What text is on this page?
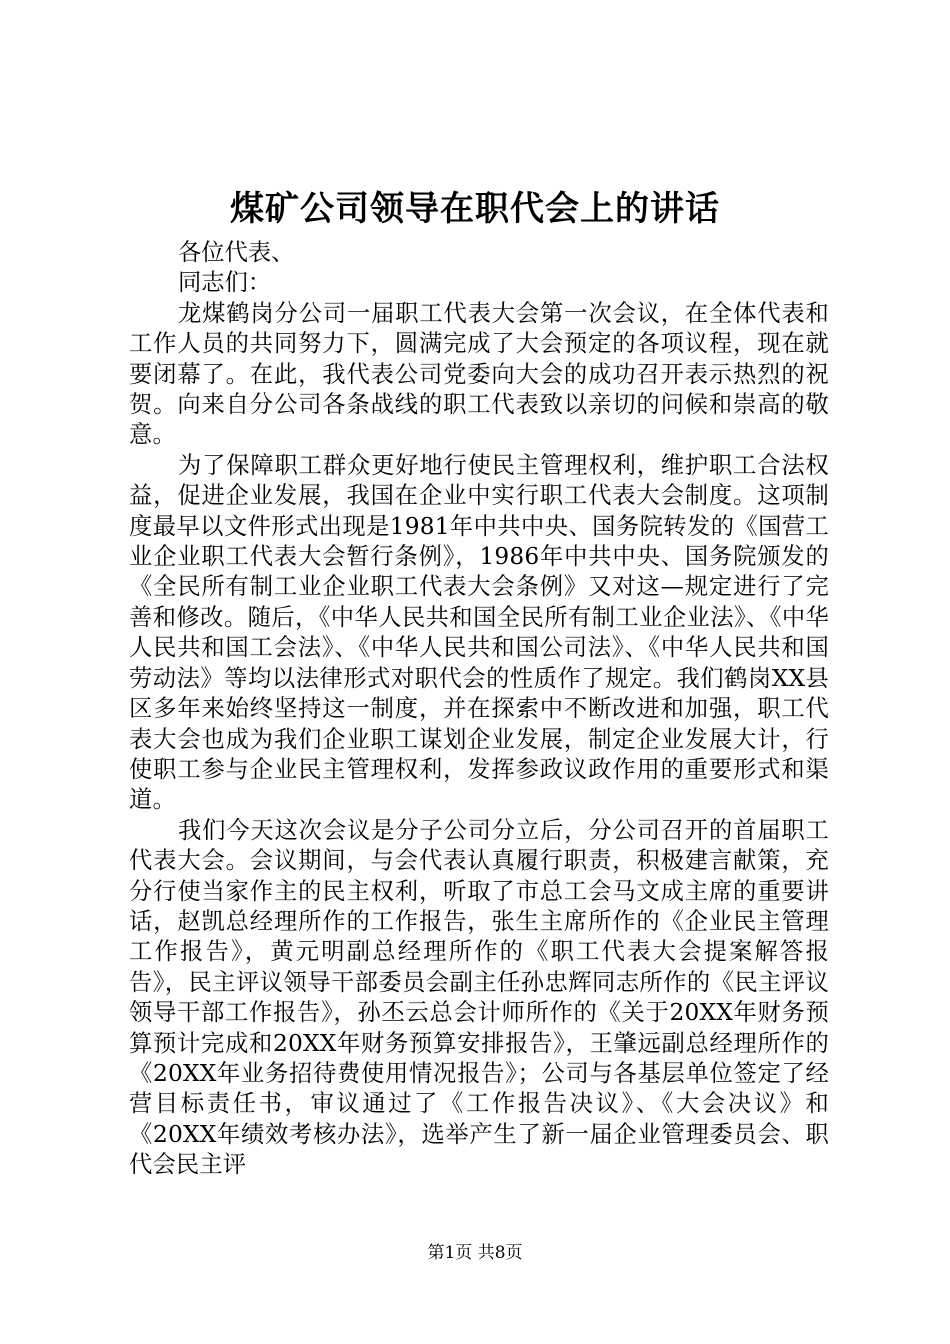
煤矿公司领导在职代会上的讲话

各位代表、

同志们：

龙煤鹤岗分公司一届职工代表大会第一次会议，在全体代表和工作人员的共同努力下，圆满完成了大会预定的各项议程，现在就要闭幕了。在此，我代表公司党委向大会的成功召开表示热烈的祝贺。向来自分公司各条战线的职工代表致以亲切的问候和崇高的敬意。

为了保障职工群众更好地行使民主管理权利，维护职工合法权益，促进企业发展，我国在企业中实行职工代表大会制度。这项制度最早以文件形式出现是1981年中共中央、国务院转发的《国营工业企业职工代表大会暂行条例》，1986年中共中央、国务院颁发的《全民所有制工业企业职工代表大会条例》又对这—规定进行了完善和修改。随后，《中华人民共和国全民所有制工业企业法》、《中华人民共和国工会法》、《中华人民共和国公司法》、《中华人民共和国劳动法》等均以法律形式对职代会的性质作了规定。我们鹤岗XX县区多年来始终坚持这一制度，并在探索中不断改进和加强，职工代表大会也成为我们企业职工谋划企业发展，制定企业发展大计，行使职工参与企业民主管理权利，发挥参政议政作用的重要形式和渠道。

我们今天这次会议是分子公司分立后，分公司召开的首届职工代表大会。会议期间，与会代表认真履行职责，积极建言献策，充分行使当家作主的民主权利，听取了市总工会马文成主席的重要讲话，赵凯总经理所作的工作报告，张生主席所作的《企业民主管理工作报告》，黄元明副总经理所作的《职工代表大会提案解答报告》，民主评议领导干部委员会副主任孙忠辉同志所作的《民主评议领导干部工作报告》，孙丕云总会计师所作的《关于20XX年财务预算预计完成和20XX年财务预算安排报告》，王肇远副总经理所作的《20XX年业务招待费使用情况报告》；公司与各基层单位签定了经营目标责任书，审议通过了《工作报告决议》、《大会决议》和《20XX年绩效考核办法》，选举产生了新一届企业管理委员会、职代会民主评

第1页 共8页
